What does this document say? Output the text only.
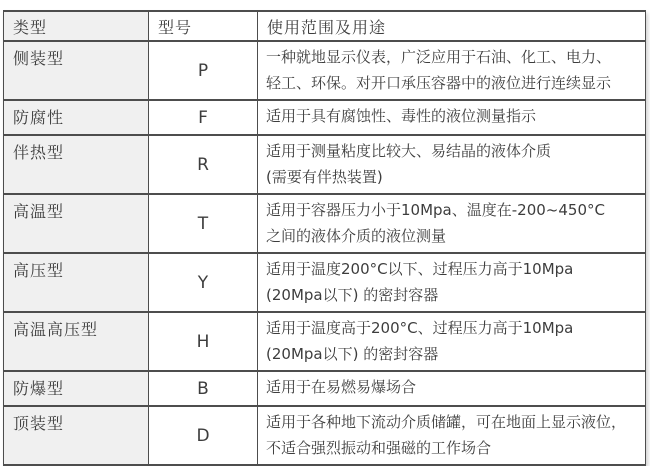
类型	型号	使用范围及用途
侧装型	P	一种就地显示仪表，广泛应用于石油、化工、电力、
轻工、环保。对开口承压容器中的液位进行连续显示

防腐性	F	适用于具有腐蚀性、毒性的液位测量指示

伴热型	R	适用于测量粘度比较大、易结晶的液体介质
(需要有伴热装置)

高温型	T	适用于容器压力小于10Mpa、温度在-200~450°C
之间的液体介质的液位测量

高压型	Y	适用于温度200°C以下、过程压力高于10Mpa
(20Mpa以下) 的密封容器

高温高压型	H	适用于温度高于200°C、过程压力高于10Mpa
(20Mpa以下) 的密封容器

防爆型	B	适用于在易燃易爆场合

顶装型	D	适用于各种地下流动介质储罐，可在地面上显示液位，
不适合强烈振动和强磁的工作场合
